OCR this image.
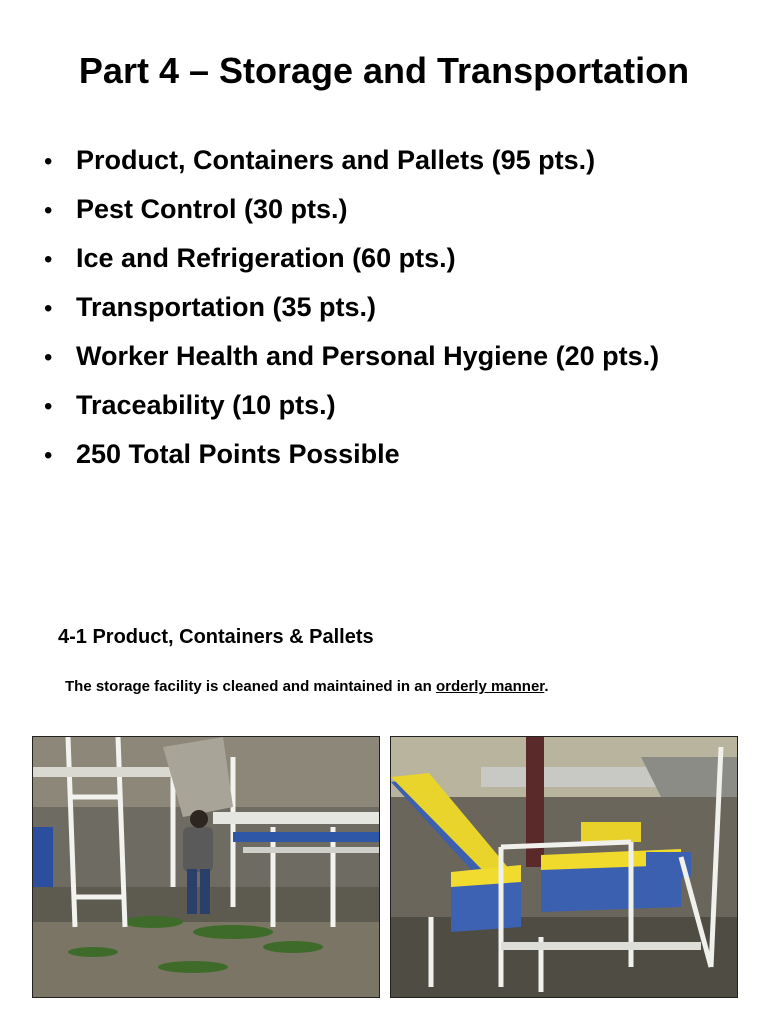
Part 4 – Storage and Transportation
• Product, Containers and Pallets (95 pts.)
• Pest Control (30 pts.)
• Ice and Refrigeration (60 pts.)
• Transportation (35 pts.)
• Worker Health and Personal Hygiene (20 pts.)
• Traceability (10 pts.)
• 250 Total Points Possible
4-1 Product, Containers & Pallets
The storage facility is cleaned and maintained in an orderly manner.
